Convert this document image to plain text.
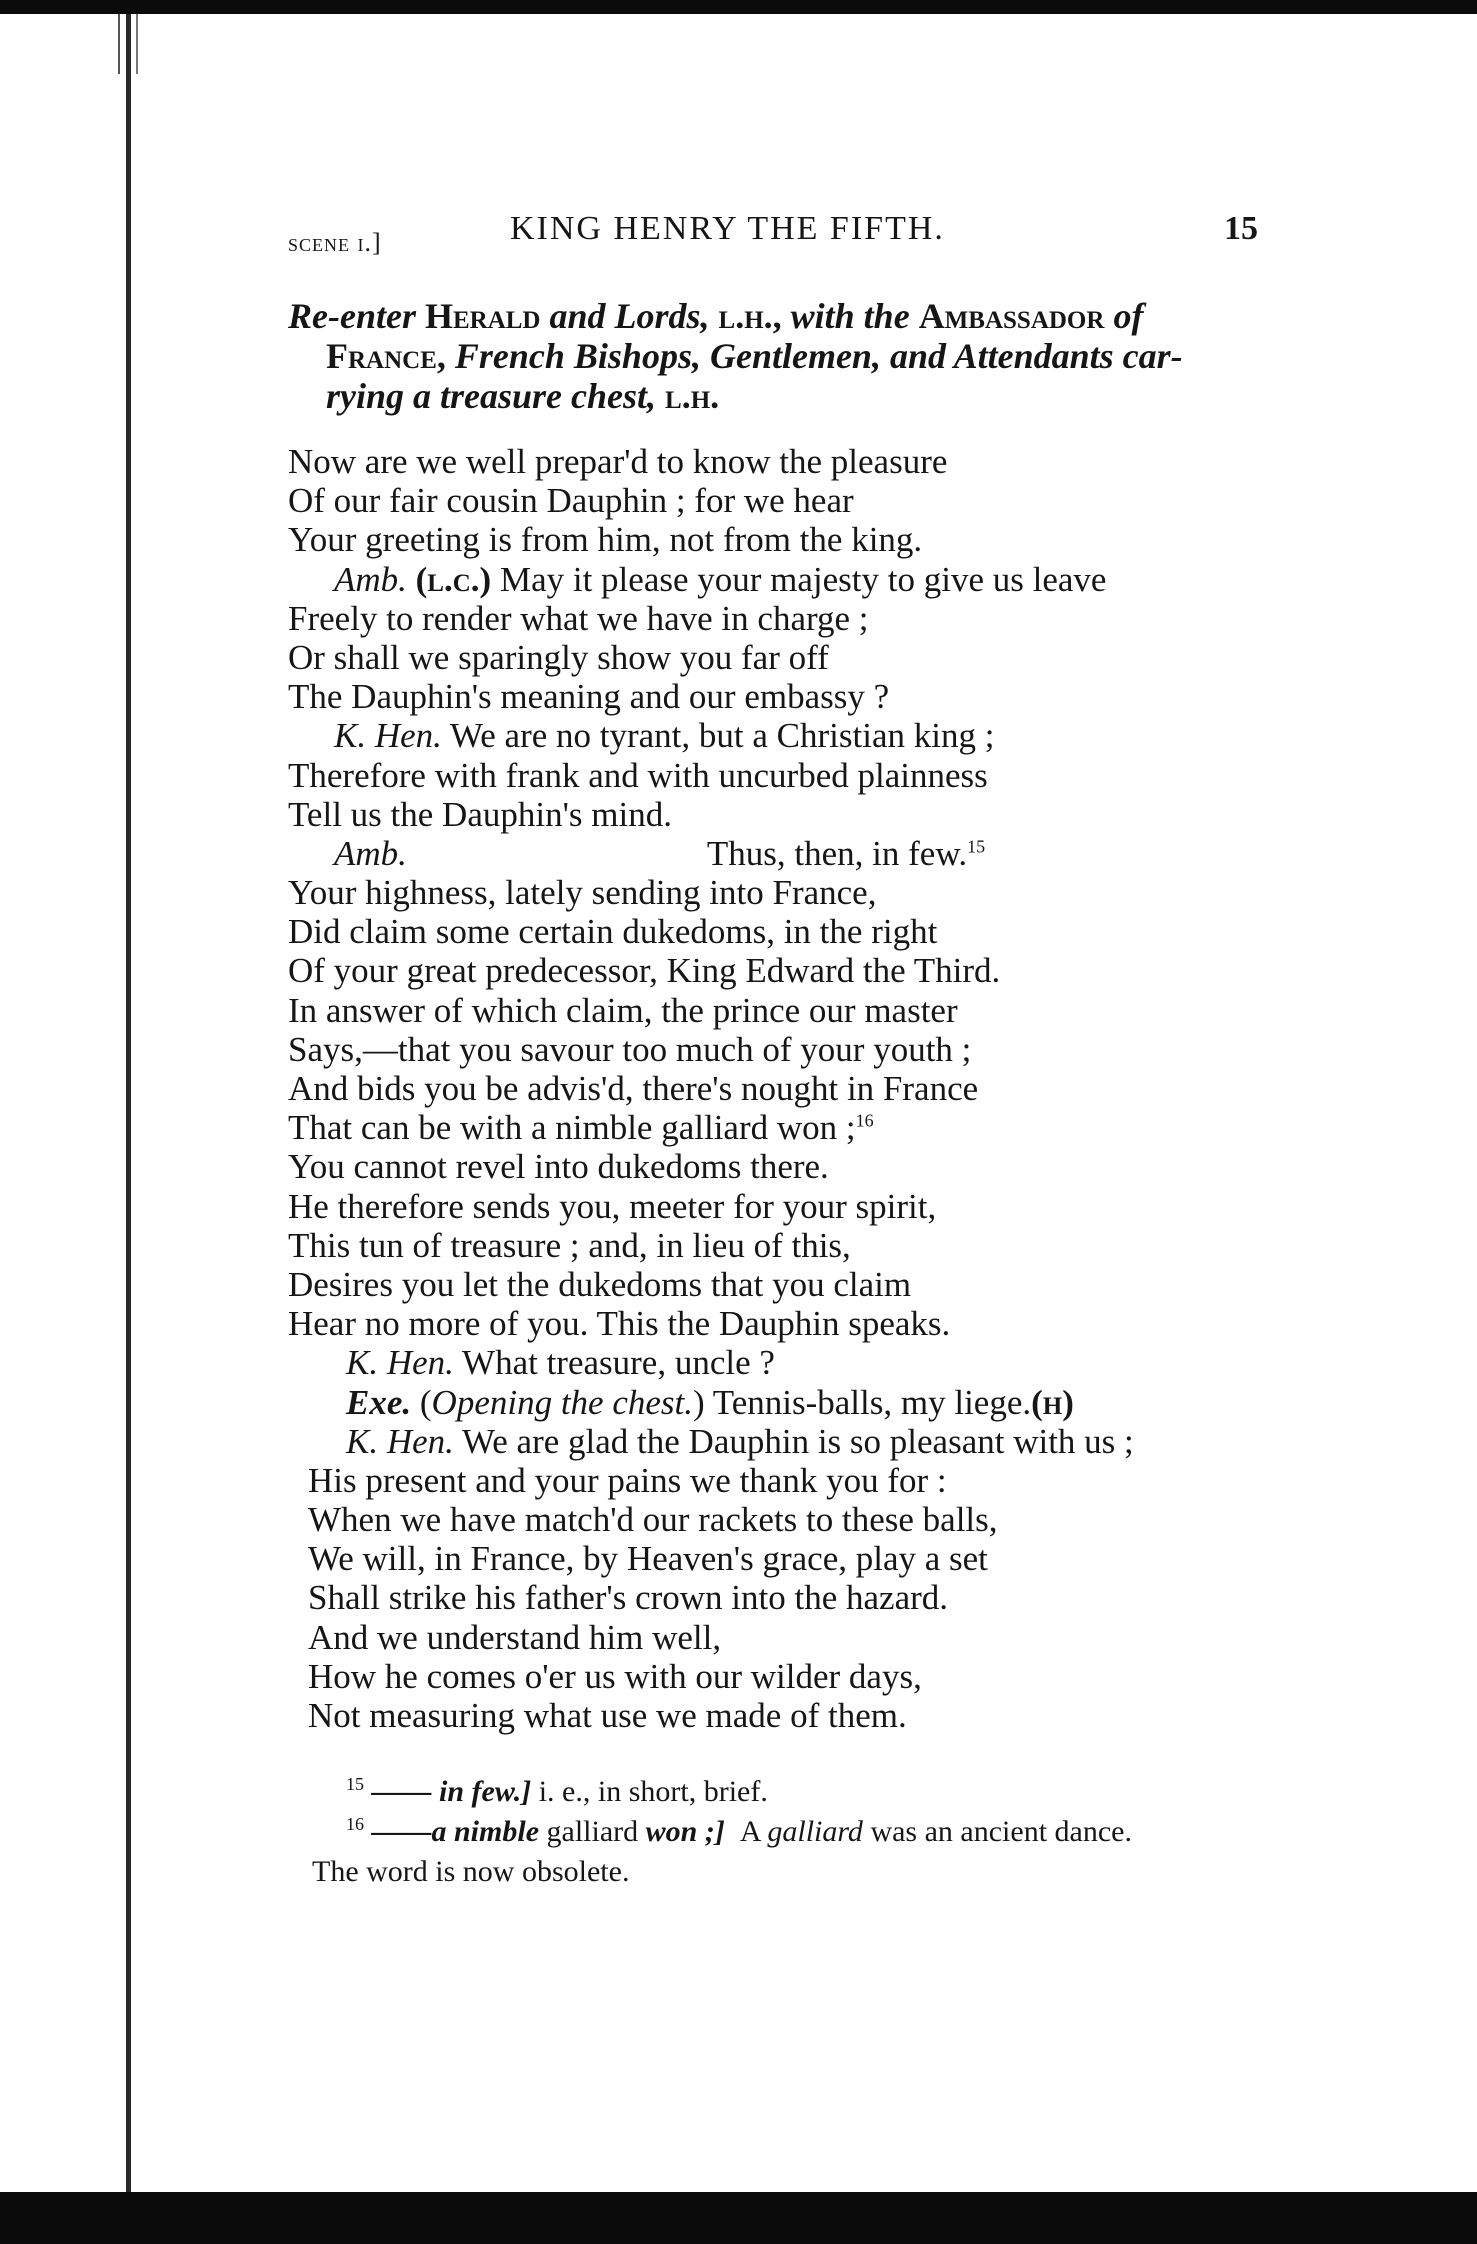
scene i.]	KING HENRY THE FIFTH.	15

Re-enter Herald and Lords, l.h., with the Ambassador of

France, French Bishops, Gentlemen, and Attendants car-

rying a treasure chest, l.h.

Now are we well prepar'd to know the pleasure
Of our fair cousin Dauphin ; for we hear
Your greeting is from him, not from the king.
Amb. (l.c.) May it please your majesty to give us leave
Freely to render what we have in charge ;
Or shall we sparingly show you far off
The Dauphin's meaning and our embassy ?
K. Hen. We are no tyrant, but a Christian king ;
Therefore with frank and with uncurbed plainness
Tell us the Dauphin's mind.
Amb.	Thus, then, in few.$^{15}$
Your highness, lately sending into France,
Did claim some certain dukedoms, in the right
Of your great predecessor, King Edward the Third.
In answer of which claim, the prince our master
Says,—that you savour too much of your youth ;
And bids you be advis'd, there's nought in France
That can be with a nimble galliard won ;$^{16}$
You cannot revel into dukedoms there.
He therefore sends you, meeter for your spirit,
This tun of treasure ; and, in lieu of this,
Desires you let the dukedoms that you claim
Hear no more of you. This the Dauphin speaks.
K. Hen. What treasure, uncle ?
Exe. (Opening the chest.) Tennis-balls, my liege.(h)
K. Hen. We are glad the Dauphin is so pleasant with us ;
His present and your pains we thank you for :
When we have match'd our rackets to these balls,
We will, in France, by Heaven's grace, play a set
Shall strike his father's crown into the hazard.
And we understand him well,
How he comes o'er us with our wilder days,
Not measuring what use we made of them.

$^{15}$ —— in few.] i. e., in short, brief.

$^{16}$ ——a nimble galliard won ;] A galliard was an ancient dance.

The word is now obsolete.
